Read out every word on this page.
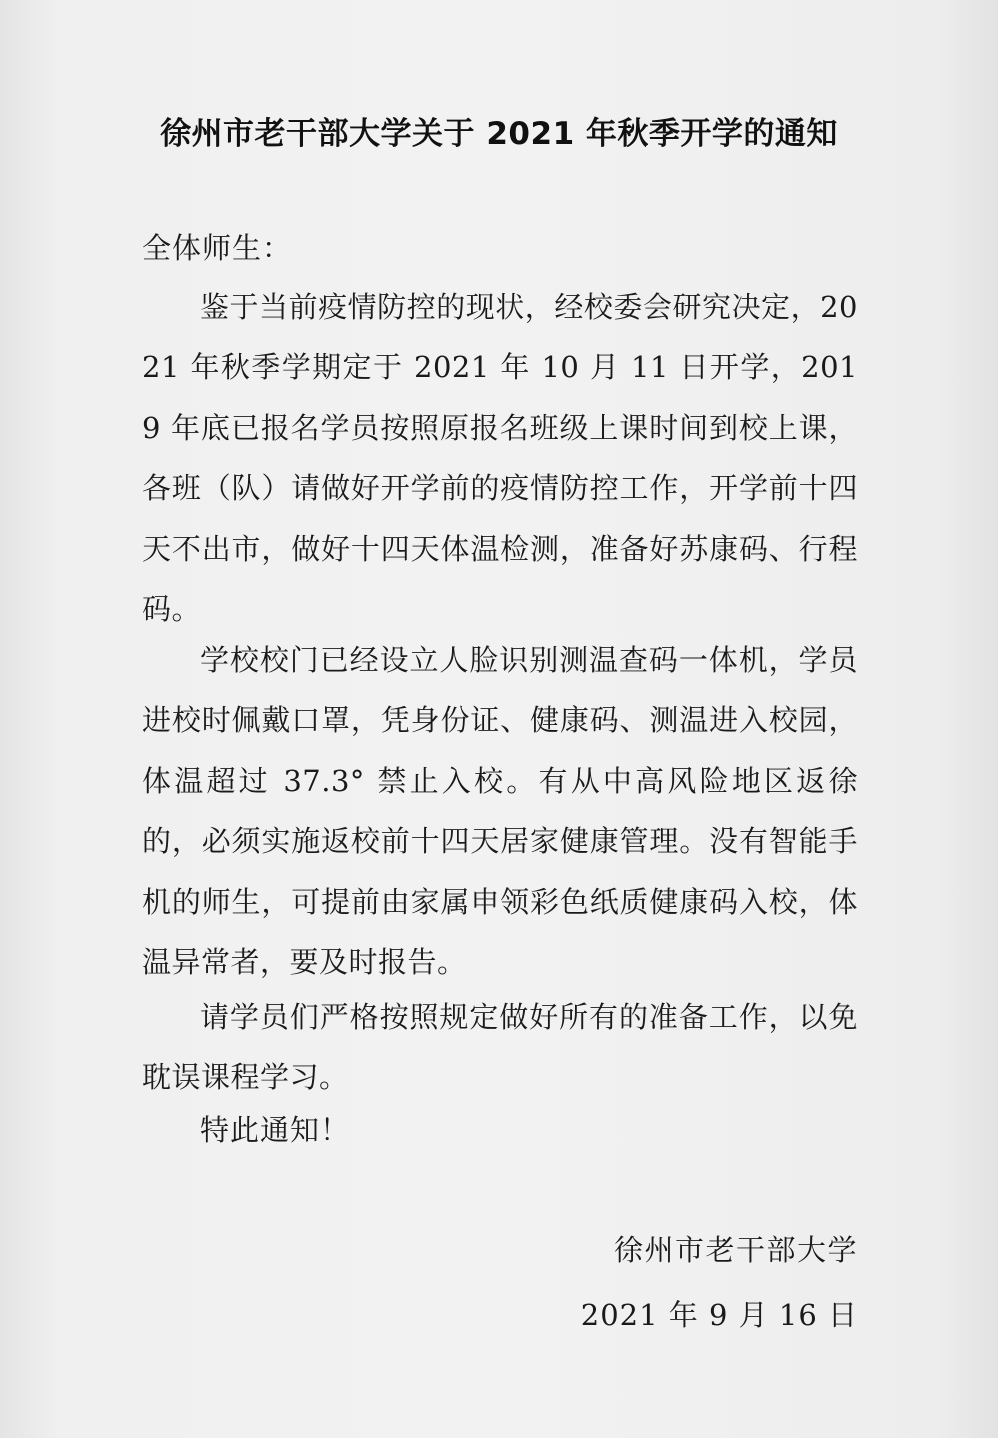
徐州市老干部大学关于 2021 年秋季开学的通知
全体师生：

鉴于当前疫情防控的现状，经校委会研究决定，2021 年秋季学期定于 2021 年 10 月 11 日开学，2019 年底已报名学员按照原报名班级上课时间到校上课，各班（队）请做好开学前的疫情防控工作，开学前十四天不出市，做好十四天体温检测，准备好苏康码、行程码。

学校校门已经设立人脸识别测温查码一体机，学员进校时佩戴口罩，凭身份证、健康码、测温进入校园，体温超过 37.3° 禁止入校。有从中高风险地区返徐的，必须实施返校前十四天居家健康管理。没有智能手机的师生，可提前由家属申领彩色纸质健康码入校，体温异常者，要及时报告。

请学员们严格按照规定做好所有的准备工作，以免耽误课程学习。

特此通知！
徐州市老干部大学
2021 年 9 月 16 日
